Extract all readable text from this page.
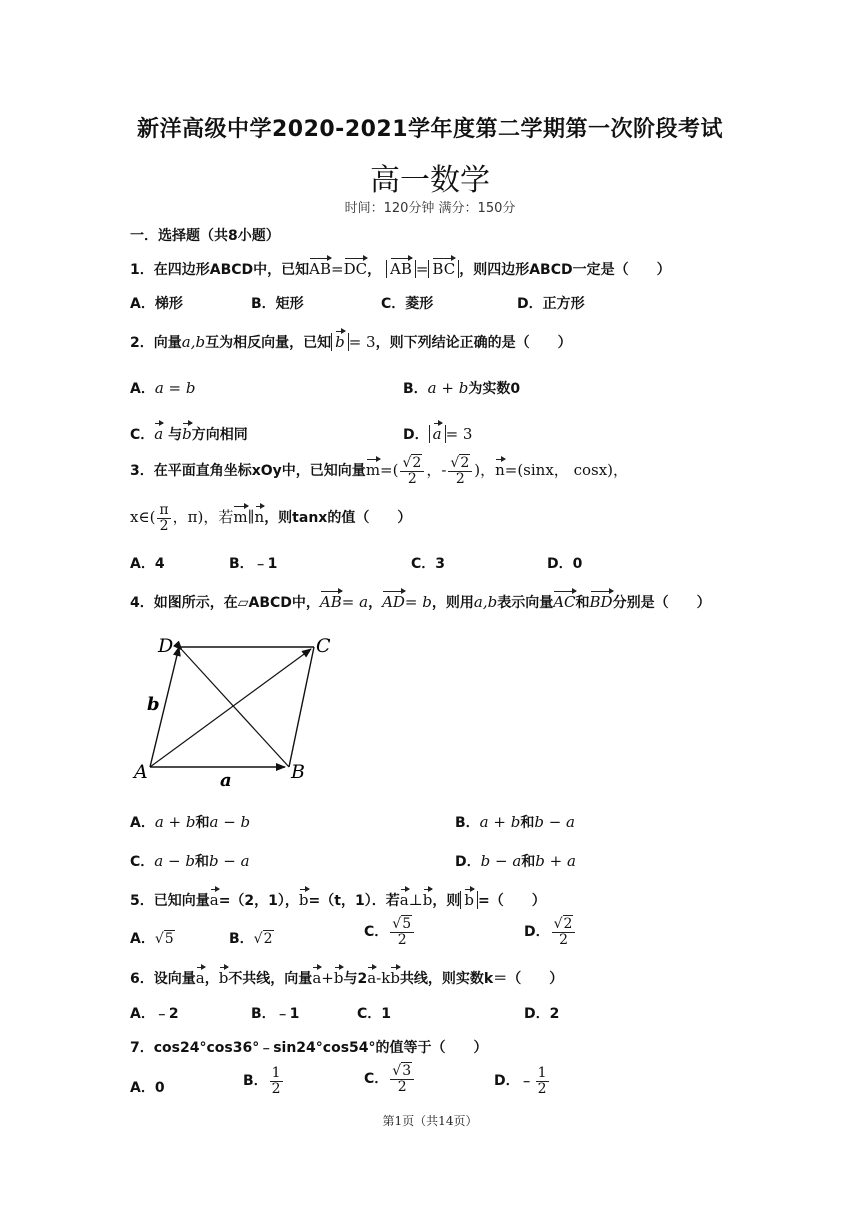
新洋高级中学2020-2021学年度第二学期第一次阶段考试
高一数学
时间：120分钟 满分：150分
一．选择题（共8小题）
1．在四边形ABCD中，已知AB=DC， AB = BC ，则四边形ABCD一定是（　　）
A．梯形	B．矩形	C．菱形	D．正方形
2．向量a,b互为相反向量，已知 b = 3，则下列结论正确的是（　　）
A．a = b	B．a + b为实数0
C．a 与b方向相同	D． a = 3
3．在平面直角坐标xOy中，已知向量$m=( \frac{√2}{2}$ ，- $\frac{√2}{2}$ )，n=(sinx， cosx)，
x∈( $\frac{\pi}{2}$ ，π)，若m∥n，则tanx的值（　　）
A．4	B．﹣1	C．3	D．0
4．如图所示，在▱ABCD中，AB= a，AD= b，则用a,b表示向量AC和BD分别是（　　）
D	C
A	B
b
a
A．a + b和a − b	B．a + b和b − a
C．a − b和b − a	D．b − a和b + a
5．已知向量a=（2，1），b=（t，1）．若a⊥b，则 b =（　　）
A．√5	B．√2	C． $\frac{√5}{2}$	D． $\frac{√2}{2}$
6．设向量a，b不共线，向量a+b与2a-kb共线，则实数k＝（　　）
A．﹣2	B．﹣1	C．1	D．2
7．cos24°cos36°﹣sin24°cos54°的值等于（　　）
A．0	B． $\frac{1}{2}$	C． $\frac{√3}{2}$	D．﹣ $\frac{1}{2}$
第1页（共14页）
